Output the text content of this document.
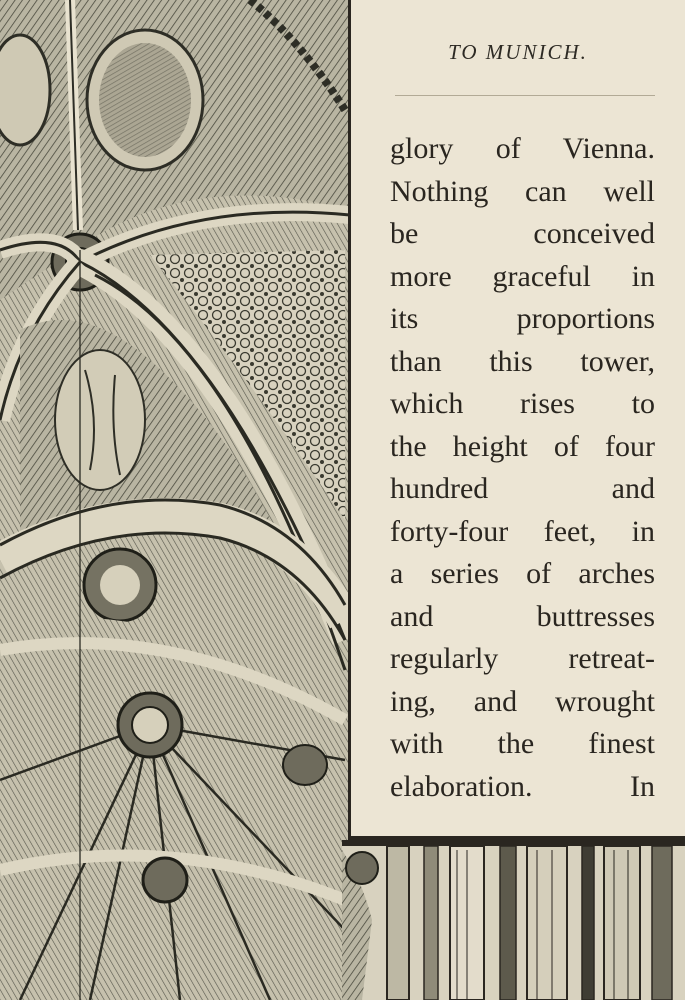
TO MUNICH.
glory of Vienna.
Nothing can well
be conceived
more graceful in
its proportions
than this tower,
which rises to
the height of four
hundred and
forty-four feet, in
a series of arches
and buttresses
regularly retreat-
ing, and wrought
with the finest
elaboration. In
